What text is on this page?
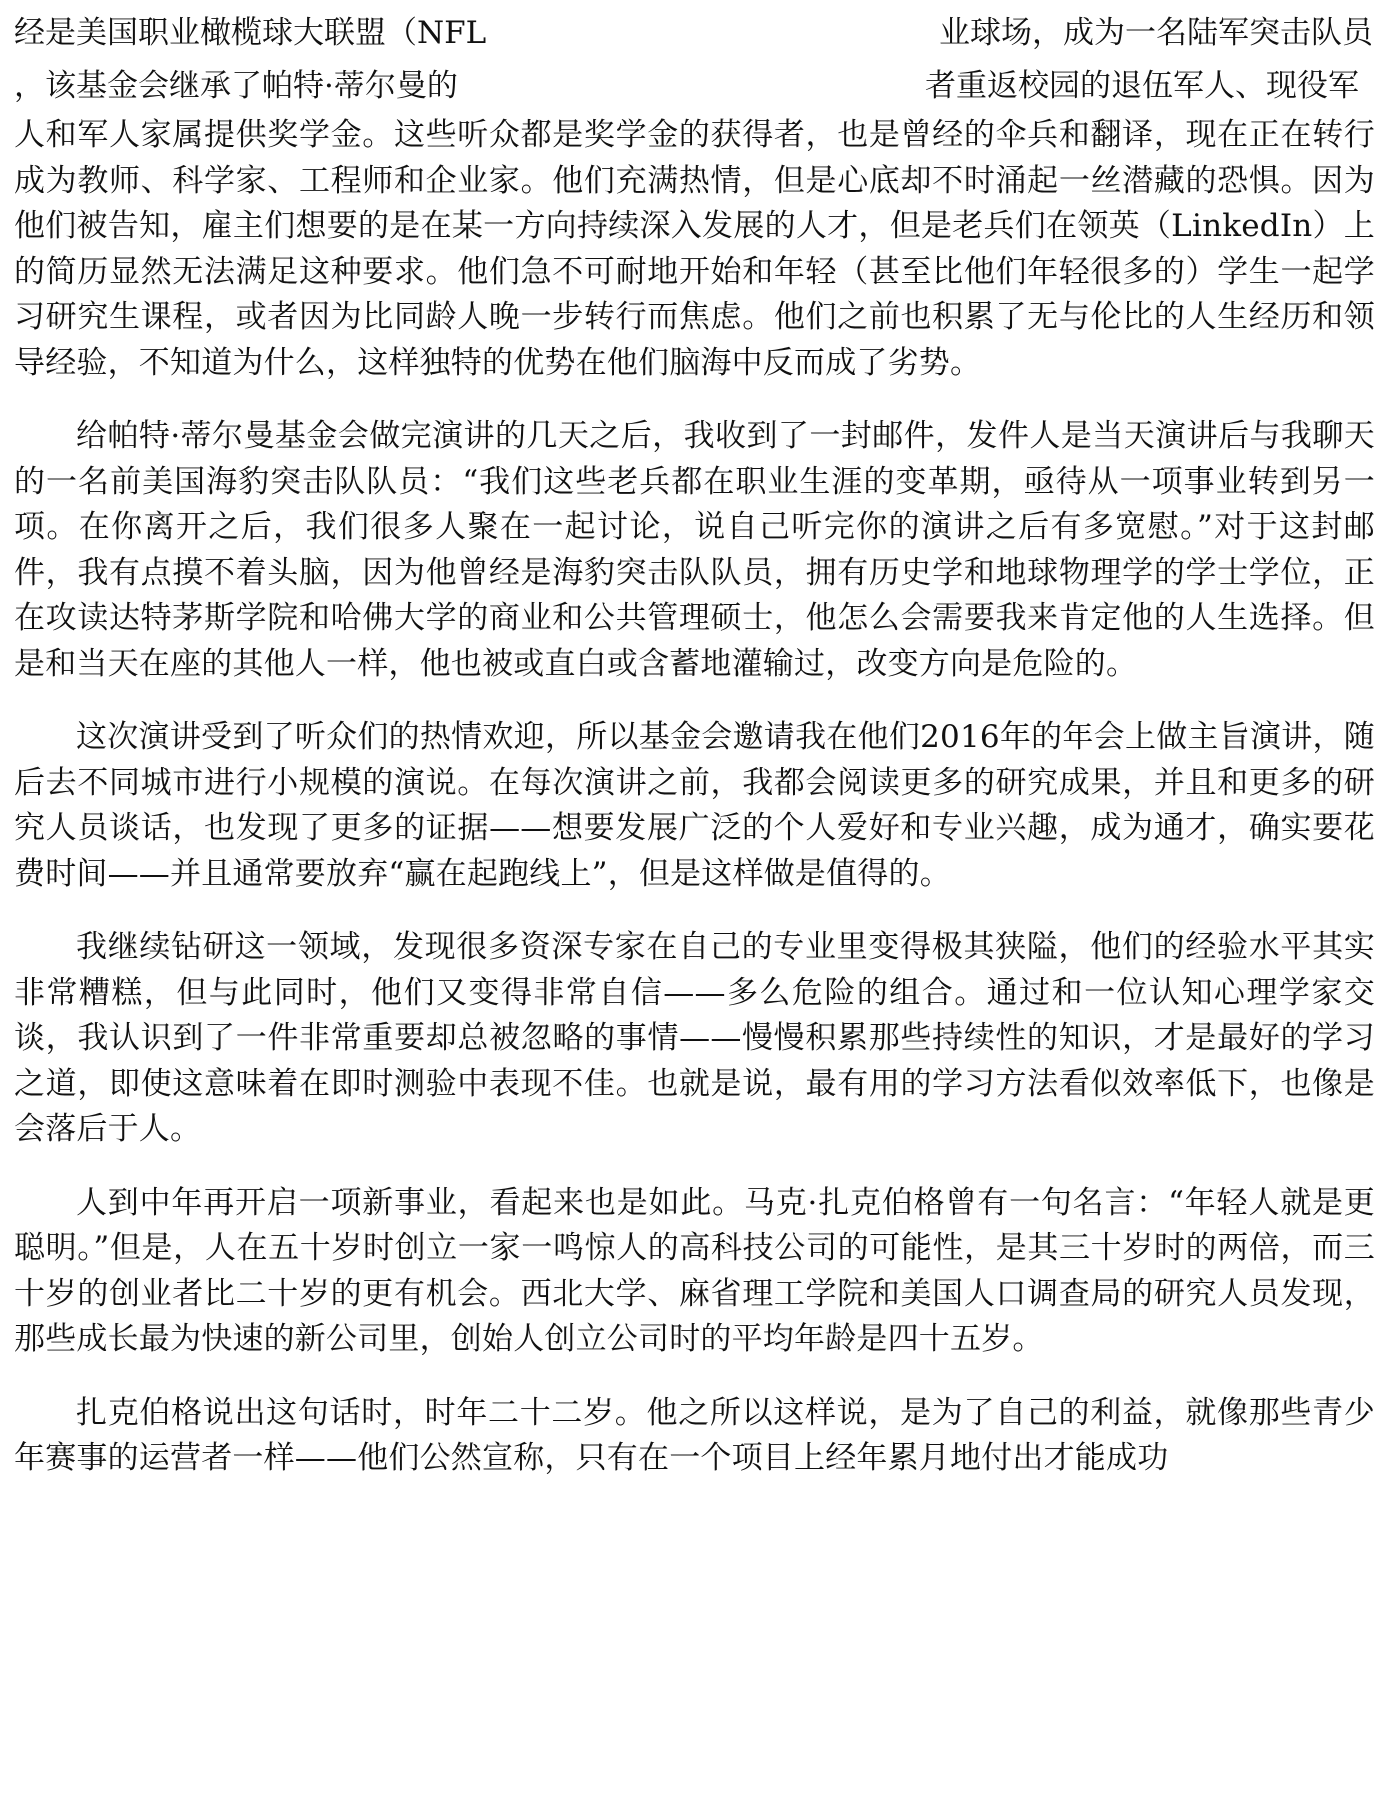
经是美国职业橄榄球大联盟（NFL	业球场，成为一名陆军突击队员

，该基金会继承了帕特·蒂尔曼的	者重返校园的退伍军人、现役军

人和军人家属提供奖学金。这些听众都是奖学金的获得者，也是曾经的伞兵和翻译，现在正在转行成为教师、科学家、工程师和企业家。他们充满热情，但是心底却不时涌起一丝潜藏的恐惧。因为他们被告知，雇主们想要的是在某一方向持续深入发展的人才，但是老兵们在领英（LinkedIn）上的简历显然无法满足这种要求。他们急不可耐地开始和年轻（甚至比他们年轻很多的）学生一起学习研究生课程，或者因为比同龄人晚一步转行而焦虑。他们之前也积累了无与伦比的人生经历和领导经验，不知道为什么，这样独特的优势在他们脑海中反而成了劣势。

给帕特·蒂尔曼基金会做完演讲的几天之后，我收到了一封邮件，发件人是当天演讲后与我聊天的一名前美国海豹突击队队员：“我们这些老兵都在职业生涯的变革期，亟待从一项事业转到另一项。在你离开之后，我们很多人聚在一起讨论，说自己听完你的演讲之后有多宽慰。”对于这封邮件，我有点摸不着头脑，因为他曾经是海豹突击队队员，拥有历史学和地球物理学的学士学位，正在攻读达特茅斯学院和哈佛大学的商业和公共管理硕士，他怎么会需要我来肯定他的人生选择。但是和当天在座的其他人一样，他也被或直白或含蓄地灌输过，改变方向是危险的。

这次演讲受到了听众们的热情欢迎，所以基金会邀请我在他们2016年的年会上做主旨演讲，随后去不同城市进行小规模的演说。在每次演讲之前，我都会阅读更多的研究成果，并且和更多的研究人员谈话，也发现了更多的证据——想要发展广泛的个人爱好和专业兴趣，成为通才，确实要花费时间——并且通常要放弃“赢在起跑线上”，但是这样做是值得的。

我继续钻研这一领域，发现很多资深专家在自己的专业里变得极其狭隘，他们的经验水平其实非常糟糕，但与此同时，他们又变得非常自信——多么危险的组合。通过和一位认知心理学家交谈，我认识到了一件非常重要却总被忽略的事情——慢慢积累那些持续性的知识，才是最好的学习之道，即使这意味着在即时测验中表现不佳。也就是说，最有用的学习方法看似效率低下，也像是会落后于人。

人到中年再开启一项新事业，看起来也是如此。马克·扎克伯格曾有一句名言：“年轻人就是更聪明。”但是，人在五十岁时创立一家一鸣惊人的高科技公司的可能性，是其三十岁时的两倍，而三十岁的创业者比二十岁的更有机会。西北大学、麻省理工学院和美国人口调查局的研究人员发现，那些成长最为快速的新公司里，创始人创立公司时的平均年龄是四十五岁。

扎克伯格说出这句话时，时年二十二岁。他之所以这样说，是为了自己的利益，就像那些青少年赛事的运营者一样——他们公然宣称，只有在一个项目上经年累月地付出才能成功
